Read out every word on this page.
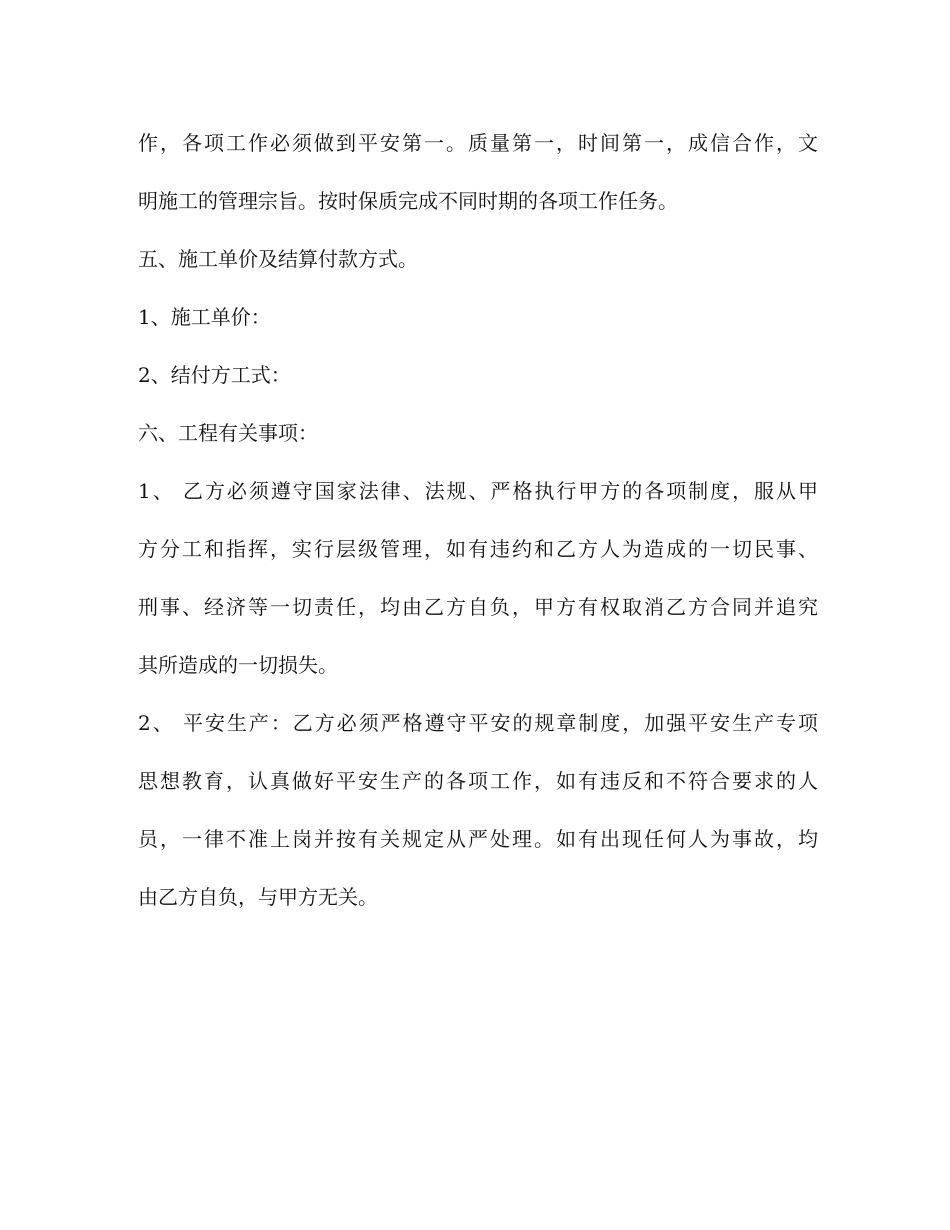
作，各项工作必须做到平安第一。质量第一，时间第一，成信合作，文
明施工的管理宗旨。按时保质完成不同时期的各项工作任务。
五、施工单价及结算付款方式。
1、施工单价：
2、结付方工式：
六、工程有关事项：
1、 乙方必须遵守国家法律、法规、严格执行甲方的各项制度，服从甲
方分工和指挥，实行层级管理，如有违约和乙方人为造成的一切民事、
刑事、经济等一切责任，均由乙方自负，甲方有权取消乙方合同并追究
其所造成的一切损失。
2、 平安生产：乙方必须严格遵守平安的规章制度，加强平安生产专项
思想教育，认真做好平安生产的各项工作，如有违反和不符合要求的人
员，一律不准上岗并按有关规定从严处理。如有出现任何人为事故，均
由乙方自负，与甲方无关。
